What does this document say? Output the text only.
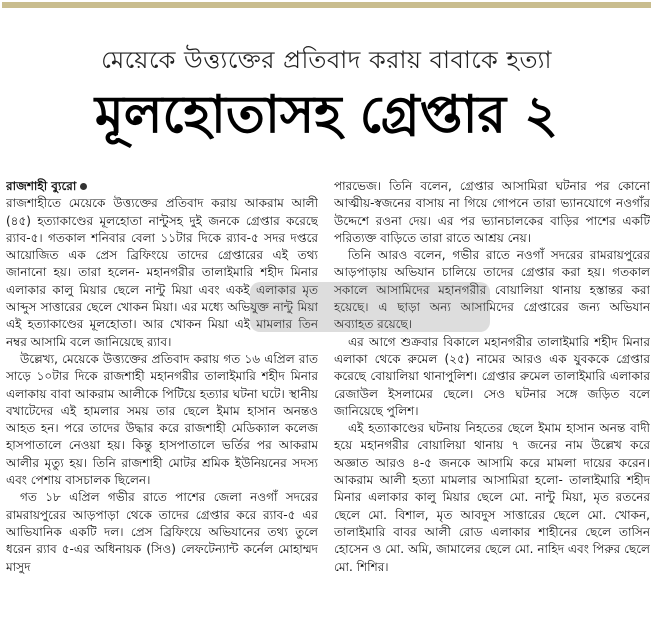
মেয়েকে উত্ত্যক্তের প্রতিবাদ করায় বাবাকে হত্যা
মূলহোতাসহ গ্রেপ্তার ২

রাজশাহী ব্যুরো

রাজশাহীতে মেয়েকে উত্ত্যক্তের প্রতিবাদ করায় আকরাম আলী (৪৫) হত্যাকাণ্ডের মূলহোতা নান্টুসহ দুই জনকে গ্রেপ্তার করেছে র‌্যাব-৫। গতকাল শনিবার বেলা ১১টার দিকে র‌্যাব-৫ সদর দপ্তরে আয়োজিত এক প্রেস ব্রিফিংয়ে তাদের গ্রেপ্তারের এই তথ্য জানানো হয়। তারা হলেন- মহানগরীর তালাইমারি শহীদ মিনার এলাকার কালু মিয়ার ছেলে নান্টু মিয়া এবং একই এলাকার মৃত আব্দুস সাত্তারের ছেলে খোকন মিয়া। এর মধ্যে অভিযুক্ত নান্টু মিয়া এই হত্যাকাণ্ডের মূলহোতা। আর খোকন মিয়া এই মামলার তিন নম্বর আসামি বলে জানিয়েছে র‌্যাব।

উল্লেখ্য, মেয়েকে উত্ত্যক্তের প্রতিবাদ করায় গত ১৬ এপ্রিল রাত সাড়ে ১০টার দিকে রাজশাহী মহানগরীর তালাইমারি শহীদ মিনার এলাকায় বাবা আকরাম আলীকে পিটিয়ে হত্যার ঘটনা ঘটে। স্থানীয় বখাটেদের এই হামলার সময় তার ছেলে ইমাম হাসান অনন্তও আহত হন। পরে তাদের উদ্ধার করে রাজশাহী মেডিক্যাল কলেজ হাসপাতালে নেওয়া হয়। কিন্তু হাসপাতালে ভর্তির পর আকরাম আলীর মৃত্যু হয়। তিনি রাজশাহী মোটর শ্রমিক ইউনিয়নের সদস্য এবং পেশায় বাসচালক ছিলেন।

গত ১৮ এপ্রিল গভীর রাতে পাশের জেলা নওগাঁ সদরের রামরায়পুরের আড়পাড়া থেকে তাদের গ্রেপ্তার করে র‌্যাব-৫ এর আভিযানিক একটি দল। প্রেস ব্রিফিংয়ে অভিযানের তথ্য তুলে ধরেন র‌্যাব ৫-এর অধিনায়ক (সিও) লেফটেন্যান্ট কর্নেল মোহাম্মদ মাসুদ

পারভেজ। তিনি বলেন, গ্রেপ্তার আসামিরা ঘটনার পর কোনো আত্মীয়-স্বজনের বাসায় না গিয়ে গোপনে তারা ভ্যানযোগে নওগাঁর উদ্দেশে রওনা দেয়। এর পর ভ্যানচালকের বাড়ির পাশের একটি পরিত্যক্ত বাড়িতে তারা রাতে আশ্রয় নেয়।

তিনি আরও বলেন, গভীর রাতে নওগাঁ সদরের রামরায়পুরের আড়পাড়ায় অভিযান চালিয়ে তাদের গ্রেপ্তার করা হয়। গতকাল সকালে আসামিদের মহানগরীর বোয়ালিয়া থানায় হস্তান্তর করা হয়েছে। এ ছাড়া অন্য আসামিদের গ্রেপ্তারের জন্য অভিযান অব্যাহত রয়েছে।

এর আগে শুক্রবার বিকালে মহানগরীর তালাইমারি শহীদ মিনার এলাকা থেকে রুমেল (২৫) নামের আরও এক যুবককে গ্রেপ্তার করেছে বোয়ালিয়া থানাপুলিশ। গ্রেপ্তার রুমেল তালাইমারি এলাকার রেজাউল ইসলামের ছেলে। সেও ঘটনার সঙ্গে জড়িত বলে জানিয়েছে পুলিশ।

এই হত্যাকাণ্ডের ঘটনায় নিহতের ছেলে ইমাম হাসান অনন্ত বাদী হয়ে মহানগরীর বোয়ালিয়া থানায় ৭ জনের নাম উল্লেখ করে অজ্ঞাত আরও ৪-৫ জনকে আসামি করে মামলা দায়ের করেন। আকরাম আলী হত্যা মামলার আসামিরা হলো- তালাইমারি শহীদ মিনার এলাকার কালু মিয়ার ছেলে মো. নান্টু মিয়া, মৃত রতনের ছেলে মো. বিশাল, মৃত আবদুস সাত্তারের ছেলে মো. খোকন, তালাইমারি বাবর আলী রোড এলাকার শাহীনের ছেলে তাসিন হোসেন ও মো. অমি, জামালের ছেলে মো. নাহিদ এবং পিরুর ছেলে মো. শিশির।
